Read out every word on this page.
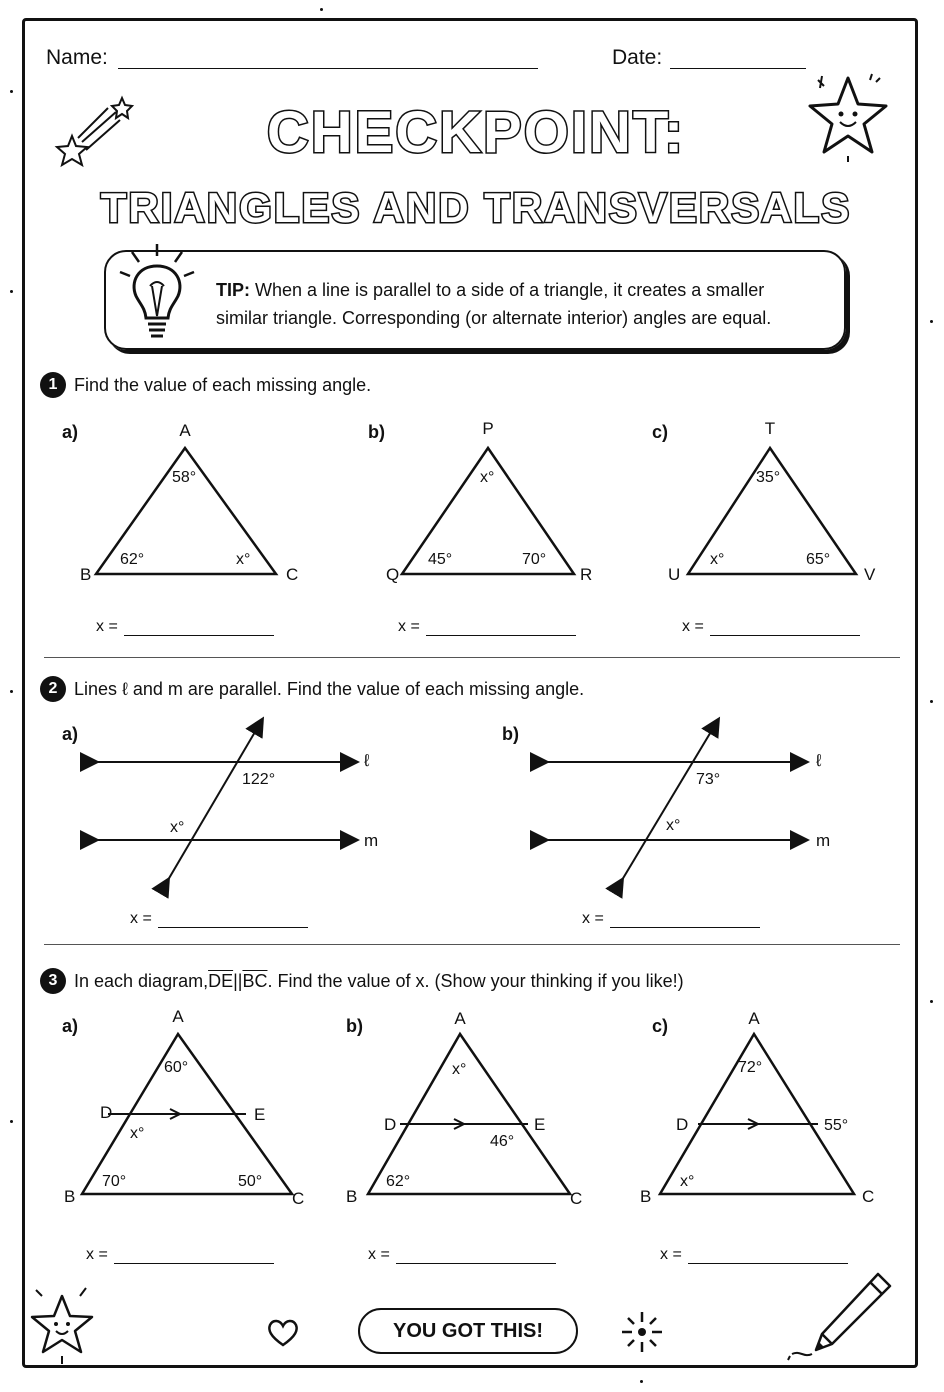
Name:	Date:
CHECKPOINT:
TRIANGLES AND TRANSVERSALS
TIP: When a line is parallel to a side of a triangle, it creates a smaller
similar triangle. Corresponding (or alternate interior) angles are equal.
1 Find the value of each missing angle.
a)	A
B	C
58°
62°	x°
x =
b)	P
Q	R
x°
45°	70°
x =
c)	T
U	V
35°
x°	65°
x =
2 Lines ℓ and m are parallel. Find the value of each missing angle.
a)
ℓ
m
122°
x°
x =
b)
ℓ
m
73°
x°
x =
3 In each diagram, $\overline{DE}$ || $\overline{BC}$ . Find the value of x. (Show your thinking if you like!)
a)	A
B	C
D	E
60°
x°
70°	50°
x =
b)	A
B	C
D	E
x°
46°
62°
x =
c)	A
B	C
D
72°
55°
x°
x =
YOU GOT THIS!
